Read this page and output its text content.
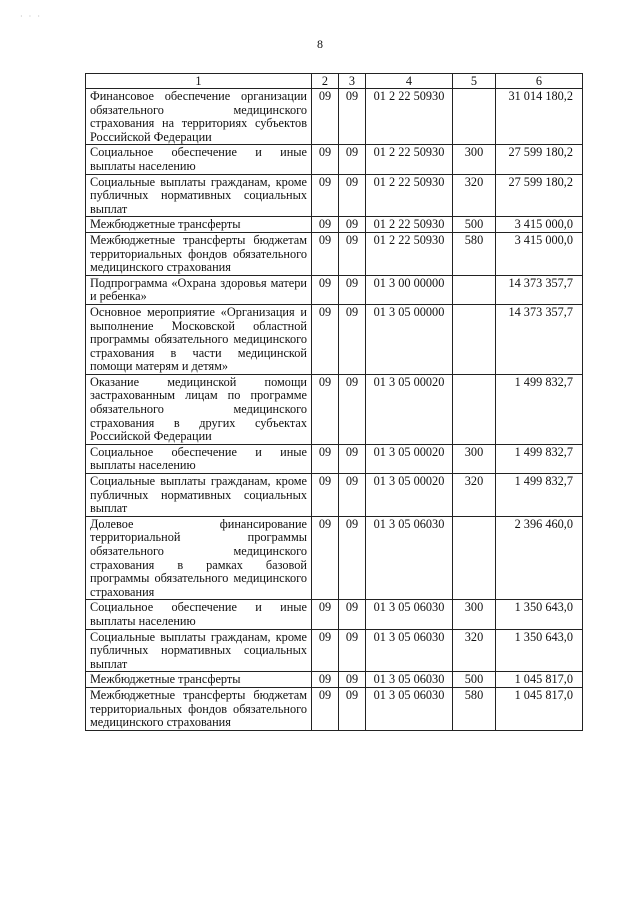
· · ·
8
1	2	3	4	5	6
Финансовое обеспечение организации обязательного медицинского страхования на территориях субъектов Российской Федерации	09	09	01 2 22 50930		31 014 180,2
Социальное обеспечение и иные выплаты населению	09	09	01 2 22 50930	300	27 599 180,2
Социальные выплаты гражданам, кроме публичных нормативных социальных выплат	09	09	01 2 22 50930	320	27 599 180,2
Межбюджетные трансферты	09	09	01 2 22 50930	500	3 415 000,0
Межбюджетные трансферты бюджетам территориальных фондов обязательного медицинского страхования	09	09	01 2 22 50930	580	3 415 000,0
Подпрограмма «Охрана здоровья матери и ребенка»	09	09	01 3 00 00000		14 373 357,7
Основное мероприятие «Организация и выполнение Московской областной программы обязательного медицинского страхования в части медицинской помощи матерям и детям»	09	09	01 3 05 00000		14 373 357,7
Оказание медицинской помощи застрахованным лицам по программе обязательного медицинского страхования в других субъектах Российской Федерации	09	09	01 3 05 00020		1 499 832,7
Социальное обеспечение и иные выплаты населению	09	09	01 3 05 00020	300	1 499 832,7
Социальные выплаты гражданам, кроме публичных нормативных социальных выплат	09	09	01 3 05 00020	320	1 499 832,7
Долевое финансирование территориальной программы обязательного медицинского страхования в рамках базовой программы обязательного медицинского страхования	09	09	01 3 05 06030		2 396 460,0
Социальное обеспечение и иные выплаты населению	09	09	01 3 05 06030	300	1 350 643,0
Социальные выплаты гражданам, кроме публичных нормативных социальных выплат	09	09	01 3 05 06030	320	1 350 643,0
Межбюджетные трансферты	09	09	01 3 05 06030	500	1 045 817,0
Межбюджетные трансферты бюджетам территориальных фондов обязательного медицинского страхования	09	09	01 3 05 06030	580	1 045 817,0
